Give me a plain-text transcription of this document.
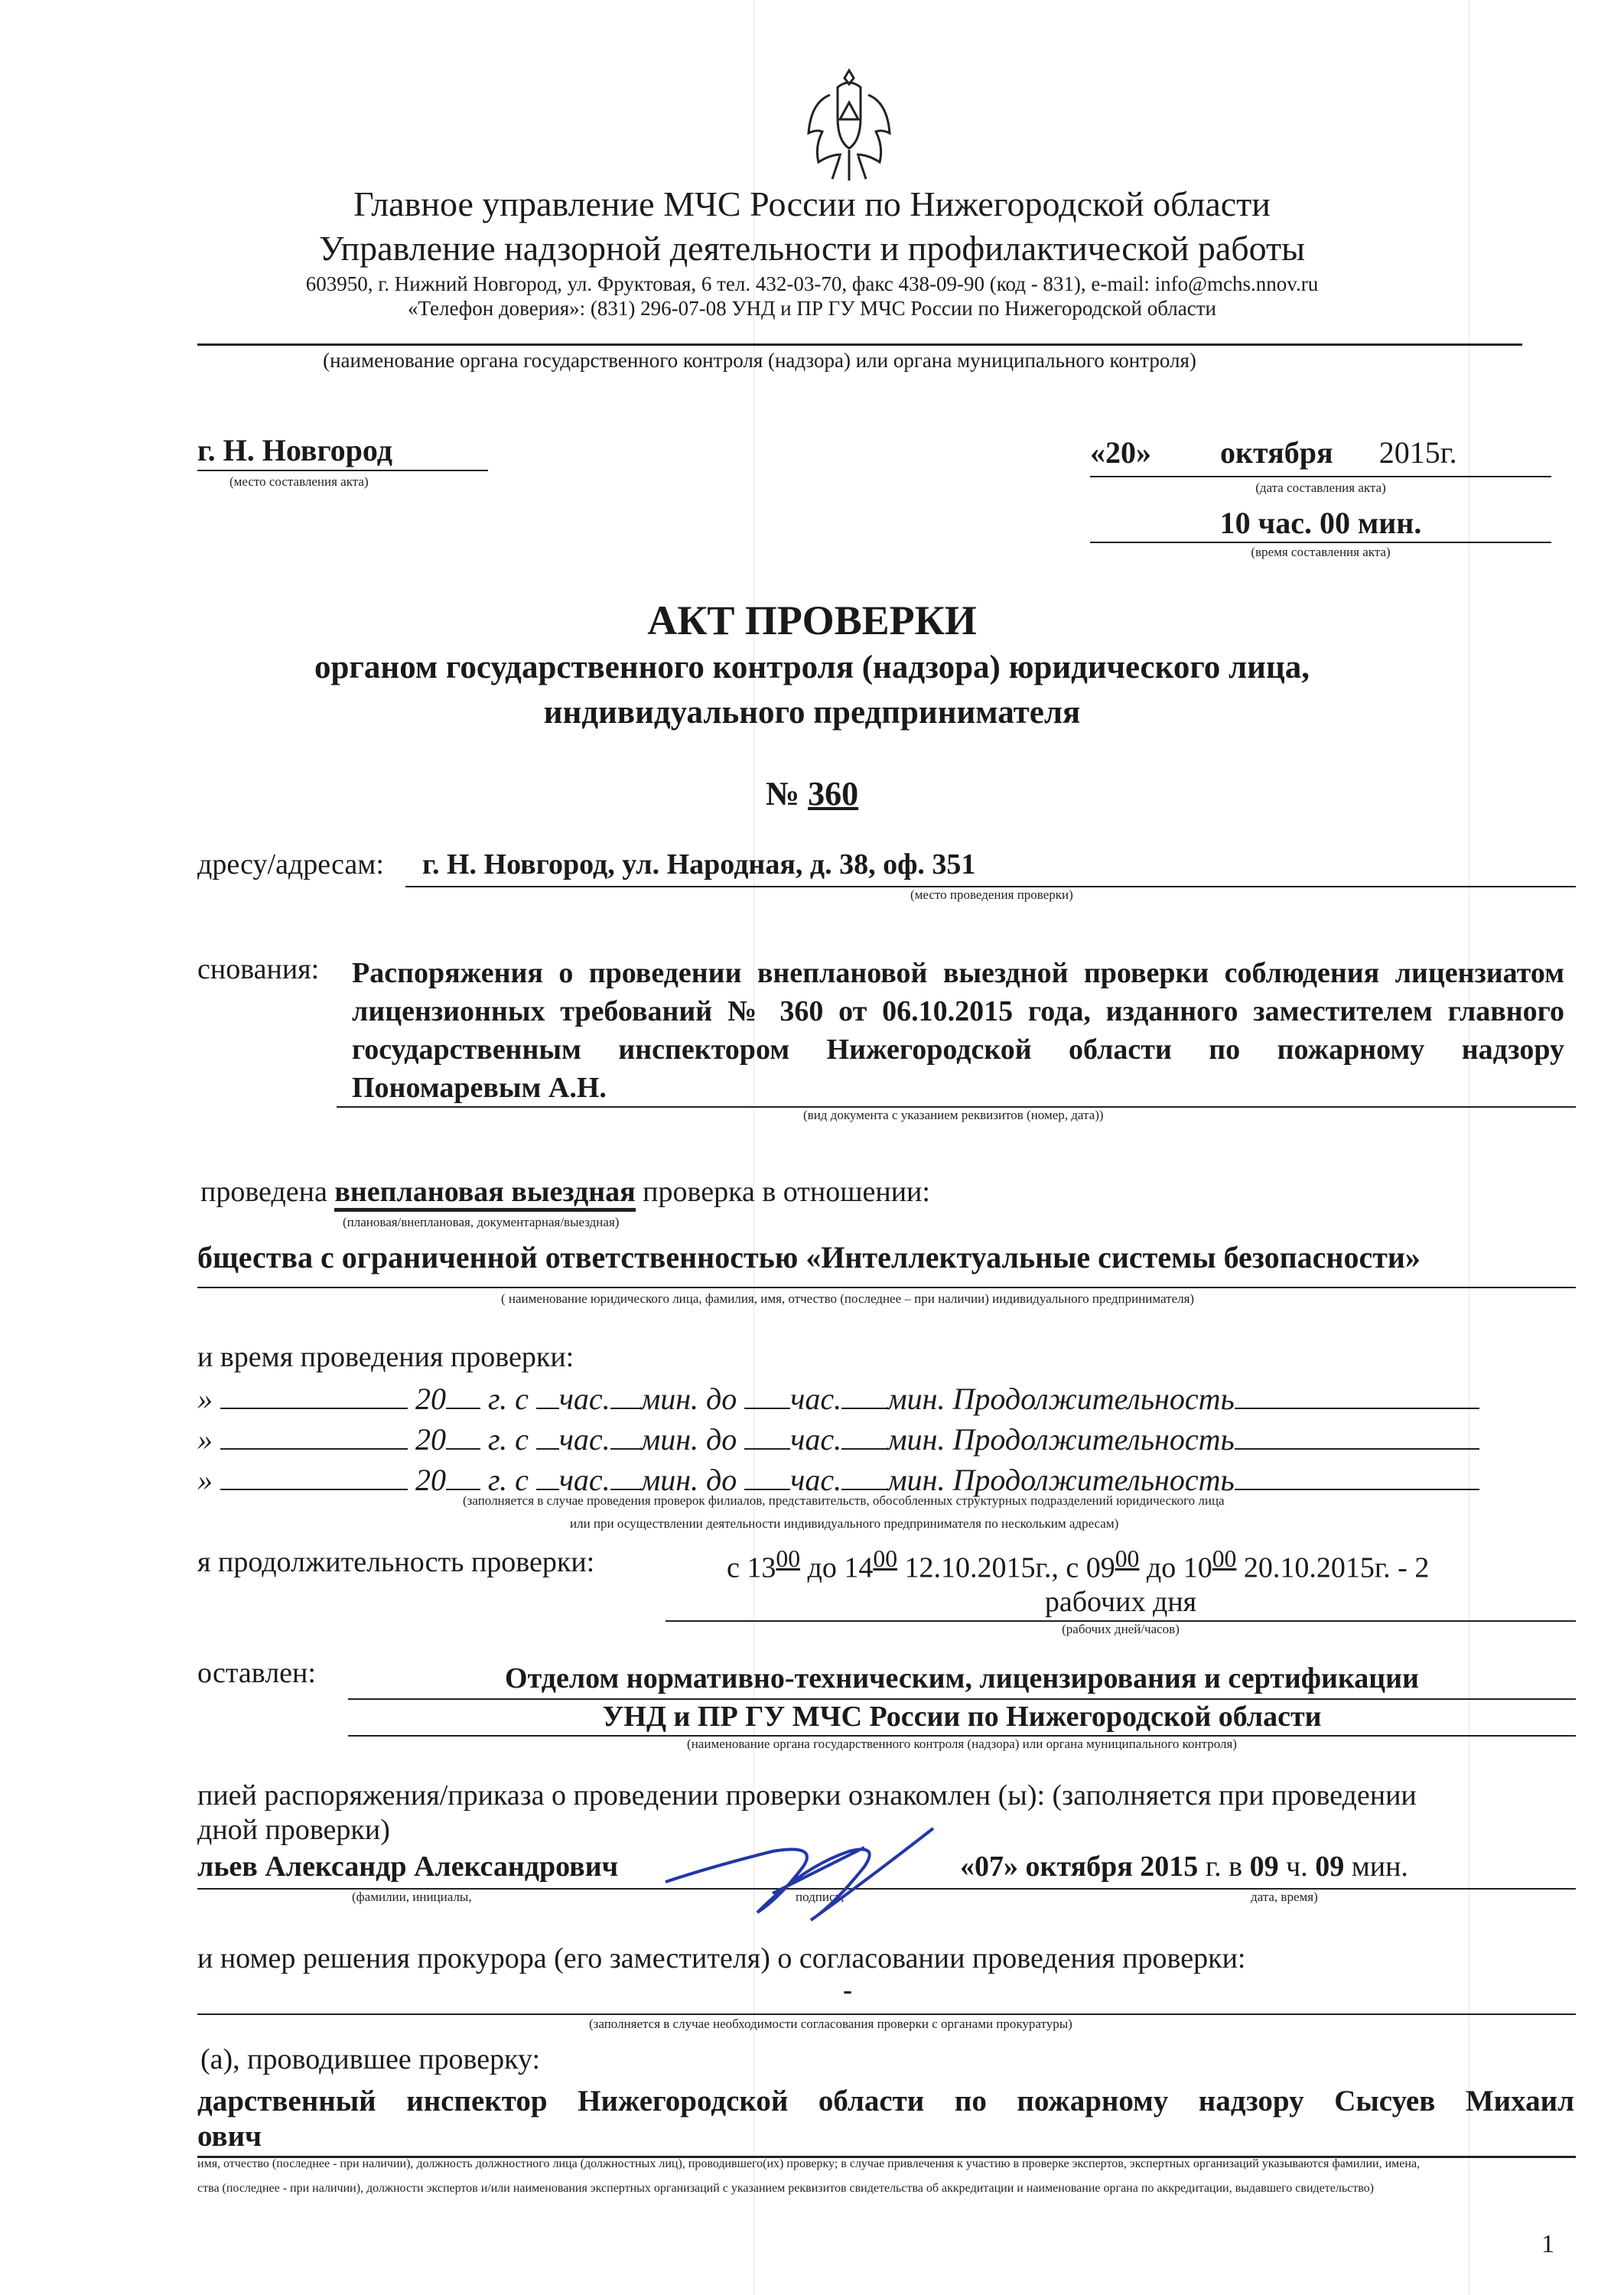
Главное управление МЧС России по Нижегородской области
Управление надзорной деятельности и профилактической работы
603950, г. Нижний Новгород, ул. Фруктовая, 6 тел. 432-03-70, факс 438-09-90 (код - 831), e-mail: info@mchs.nnov.ru
«Телефон доверия»: (831) 296-07-08 УНД и ПР ГУ МЧС России по Нижегородской области
(наименование органа государственного контроля (надзора) или органа муниципального контроля)
г. Н. Новгород
(место составления акта)
«20» октября 2015г.
(дата составления акта)
10 час. 00 мин.
(время составления акта)
АКТ ПРОВЕРКИ
органом государственного контроля (надзора) юридического лица,
индивидуального предпринимателя
№ 360
дресу/адресам: г. Н. Новгород, ул. Народная, д. 38, оф. 351
(место проведения проверки)
снования: Распоряжения о проведении внеплановой выездной проверки соблюдения лицензиатом лицензионных требований № 360 от 06.10.2015 года, изданного заместителем главного государственным инспектором Нижегородской области по пожарному надзору Пономаревым А.Н.
(вид документа с указанием реквизитов (номер, дата))
проведена внеплановая выездная проверка в отношении:
(плановая/внеплановая, документарная/выездная)
бщества с ограниченной ответственностью «Интеллектуальные системы безопасности»
( наименование юридического лица, фамилия, имя, отчество (последнее – при наличии) индивидуального предпринимателя)
и время проведения проверки:
»	20 г. с час. мин. до час. мин. Продолжительность
»	20 г. с час. мин. до час. мин. Продолжительность
»	20 г. с час. мин. до час. мин. Продолжительность
(заполняется в случае проведения проверок филиалов, представительств, обособленных структурных подразделений юридического лица
или при осуществлении деятельности индивидуального предпринимателя по нескольким адресам)
я продолжительность проверки:	с $13^{00}$ до $14^{00}$ 12.10.2015г., с $09^{00}$ до $10^{00}$ 20.10.2015г. - 2
рабочих дня
(рабочих дней/часов)
оставлен:	Отделом нормативно-техническим, лицензирования и сертификации
УНД и ПР ГУ МЧС России по Нижегородской области
(наименование органа государственного контроля (надзора) или органа муниципального контроля)
пией распоряжения/приказа о проведении проверки ознакомлен (ы): (заполняется при проведении
дной проверки)
льев Александр Александрович	«07» октября 2015 г. в 09 ч. 09 мин.
(фамилии, инициалы,	подпись,	дата, время)
и номер решения прокурора (его заместителя) о согласовании проведения проверки:
-
(заполняется в случае необходимости согласования проверки с органами прокуратуры)
(а), проводившее проверку:
дарственный инспектор Нижегородской области по пожарному надзору Сысуев Михаил
ович
имя, отчество (последнее - при наличии), должность должностного лица (должностных лиц), проводившего(их) проверку; в случае привлечения к участию в проверке экспертов, экспертных организаций указываются фамилии, имена,
ства (последнее - при наличии), должности экспертов и/или наименования экспертных организаций с указанием реквизитов свидетельства об аккредитации и наименование органа по аккредитации, выдавшего свидетельство)
1
